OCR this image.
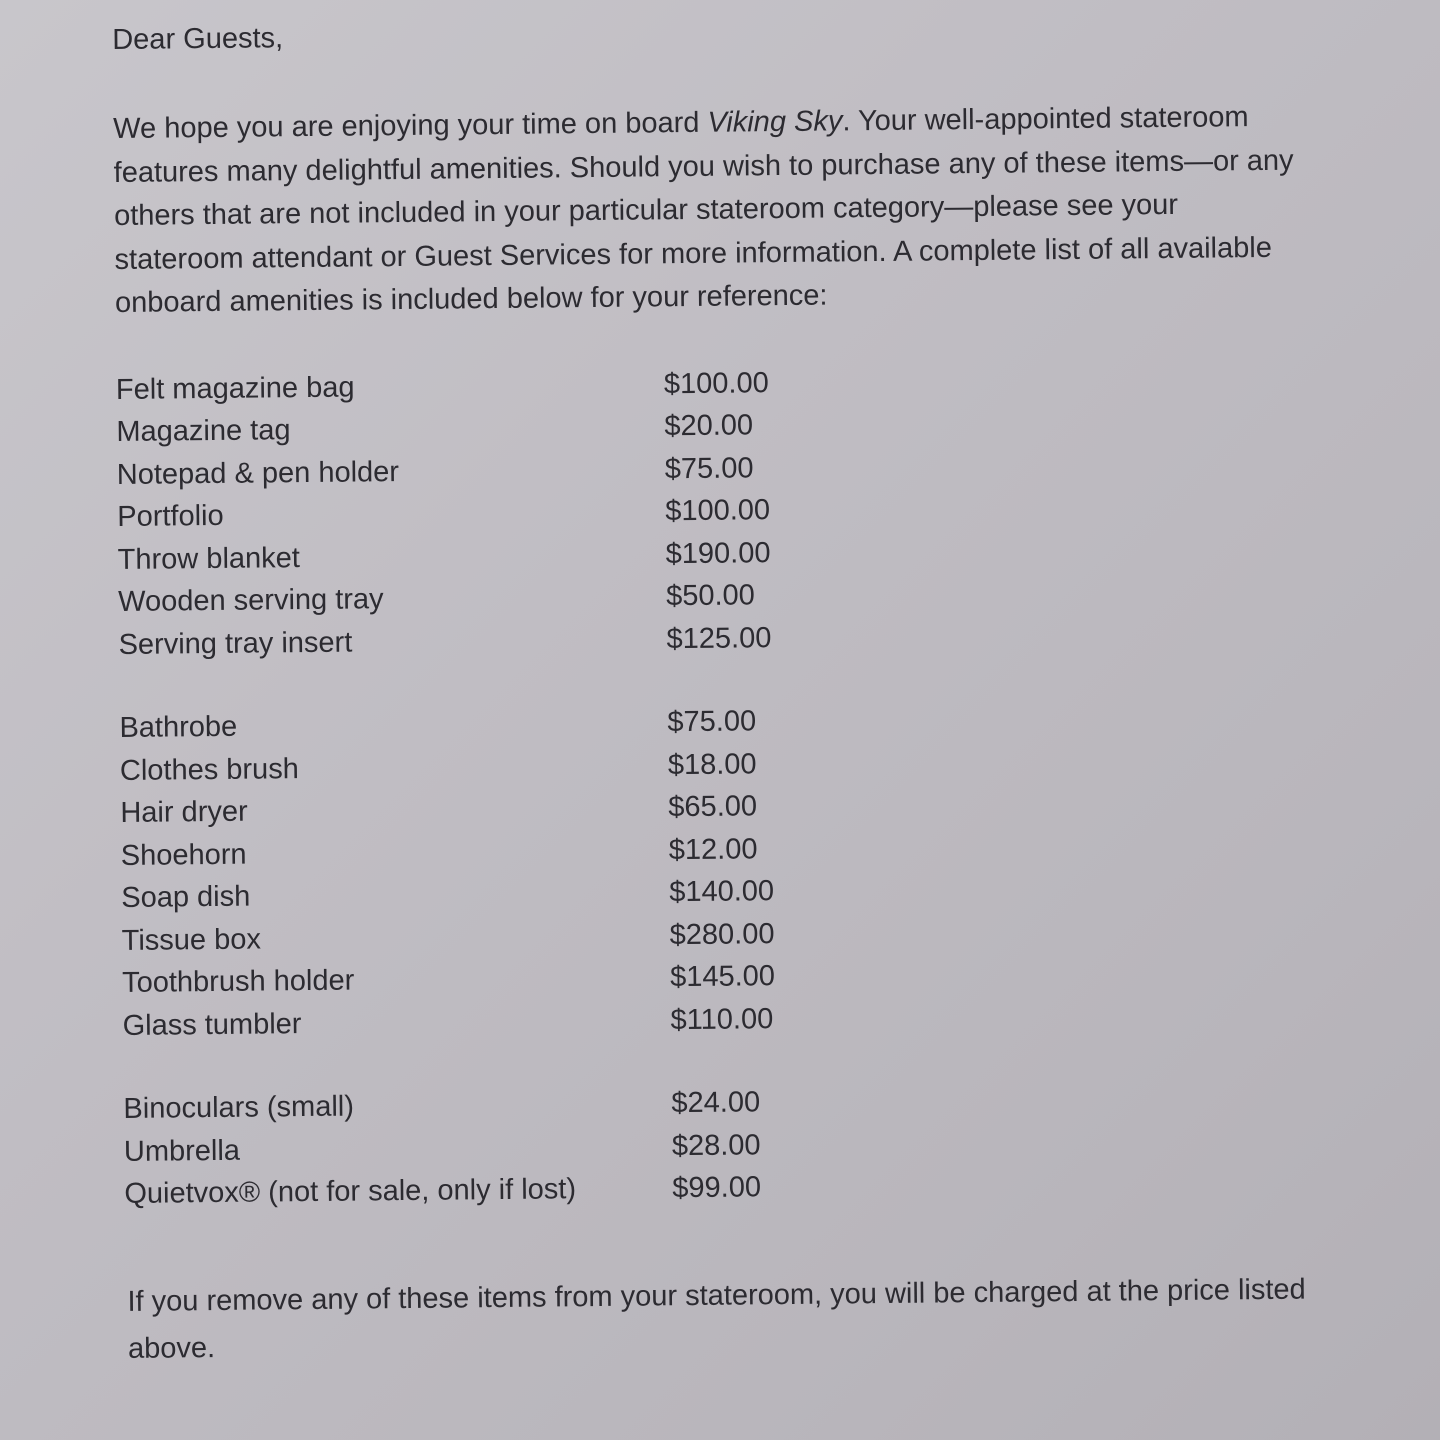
Dear Guests,

We hope you are enjoying your time on board Viking Sky. Your well-appointed stateroom features many delightful amenities. Should you wish to purchase any of these items—or any others that are not included in your particular stateroom category—please see your stateroom attendant or Guest Services for more information. A complete list of all available onboard amenities is included below for your reference:

Felt magazine bag	$100.00
Magazine tag	$20.00
Notepad & pen holder	$75.00
Portfolio	$100.00
Throw blanket	$190.00
Wooden serving tray	$50.00
Serving tray insert	$125.00
Bathrobe	$75.00
Clothes brush	$18.00
Hair dryer	$65.00
Shoehorn	$12.00
Soap dish	$140.00
Tissue box	$280.00
Toothbrush holder	$145.00
Glass tumbler	$110.00
Binoculars (small)	$24.00
Umbrella	$28.00
Quietvox® (not for sale, only if lost)	$99.00

If you remove any of these items from your stateroom, you will be charged at the price listed above.
